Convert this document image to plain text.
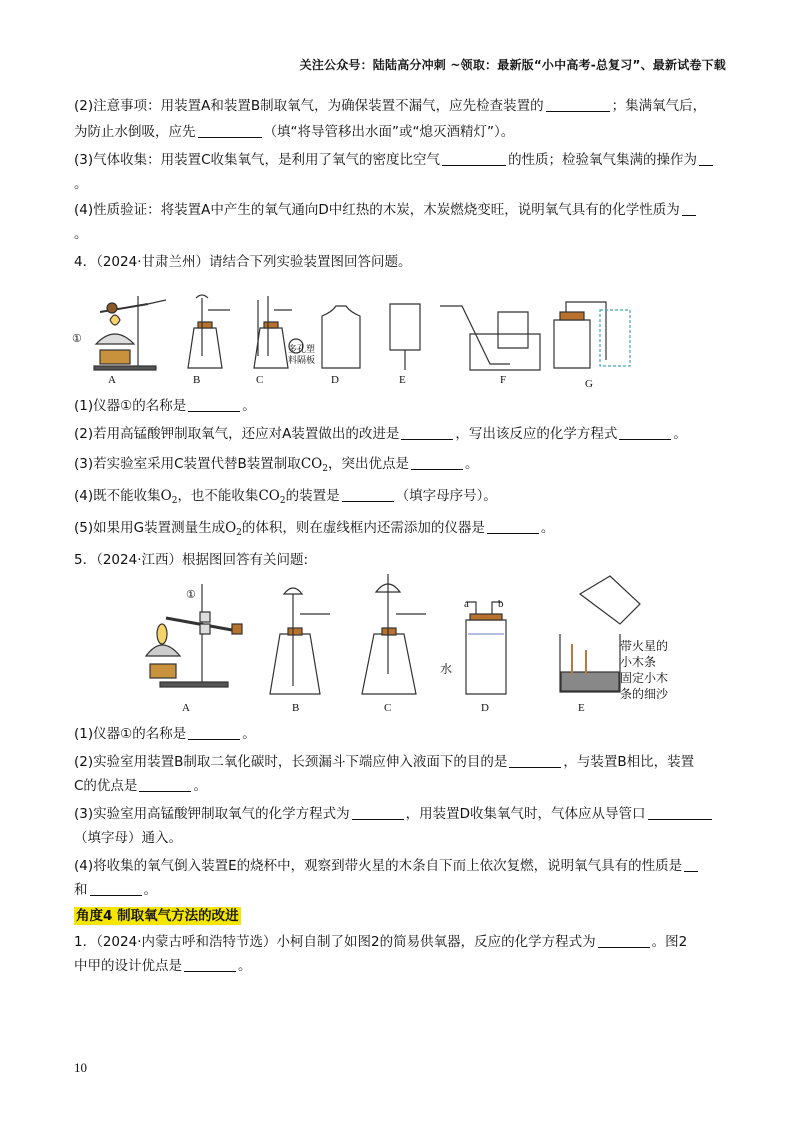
关注公众号：陆陆高分冲刺 ~领取：最新版“小中高考-总复习”、最新试卷下载
(2)注意事项：用装置A和装置B制取氧气，为确保装置不漏气，应先检查装置的	；集满氧气后，
为防止水倒吸，应先	（填“将导管移出水面”或“熄灭酒精灯”）。
(3)气体收集：用装置C收集氧气，是利用了氧气的密度比空气	的性质；检验氧气集满的操作为
。
(4)性质验证：将装置A中产生的氧气通向D中红热的木炭，木炭燃烧变旺，说明氧气具有的化学性质为
。
4．（2024·甘肃兰州）请结合下列实验装置图回答问题。
①
多孔塑
料隔板
A	B	C	D	E	F	G
(1)仪器①的名称是	。
(2)若用高锰酸钾制取氧气，还应对A装置做出的改进是	，写出该反应的化学方程式	。
(3)若实验室采用C装置代替B装置制取$CO_2$，突出优点是	。
(4)既不能收集$O_2$，也不能收集$CO_2$的装置是	（填字母序号）。
(5)如果用G装置测量生成$O_2$的体积，则在虚线框内还需添加的仪器是	。
5．（2024·江西）根据图回答有关问题:
①
a	b
水
带火星的
小木条
固定小木
条的细沙
A	B	C	D	E
(1)仪器①的名称是	。
(2)实验室用装置B制取二氧化碳时，长颈漏斗下端应伸入液面下的目的是	，与装置B相比，装置
C的优点是	。
(3)实验室用高锰酸钾制取氧气的化学方程式为	，用装置D收集氧气时，气体应从导管口
（填字母）通入。
(4)将收集的氧气倒入装置E的烧杯中，观察到带火星的木条自下而上依次复燃，说明氧气具有的性质是
和	。
角度4 制取氧气方法的改进
1．（2024·内蒙古呼和浩特节选）小柯自制了如图2的简易供氧器，反应的化学方程式为	。图2
中甲的设计优点是	。
10
